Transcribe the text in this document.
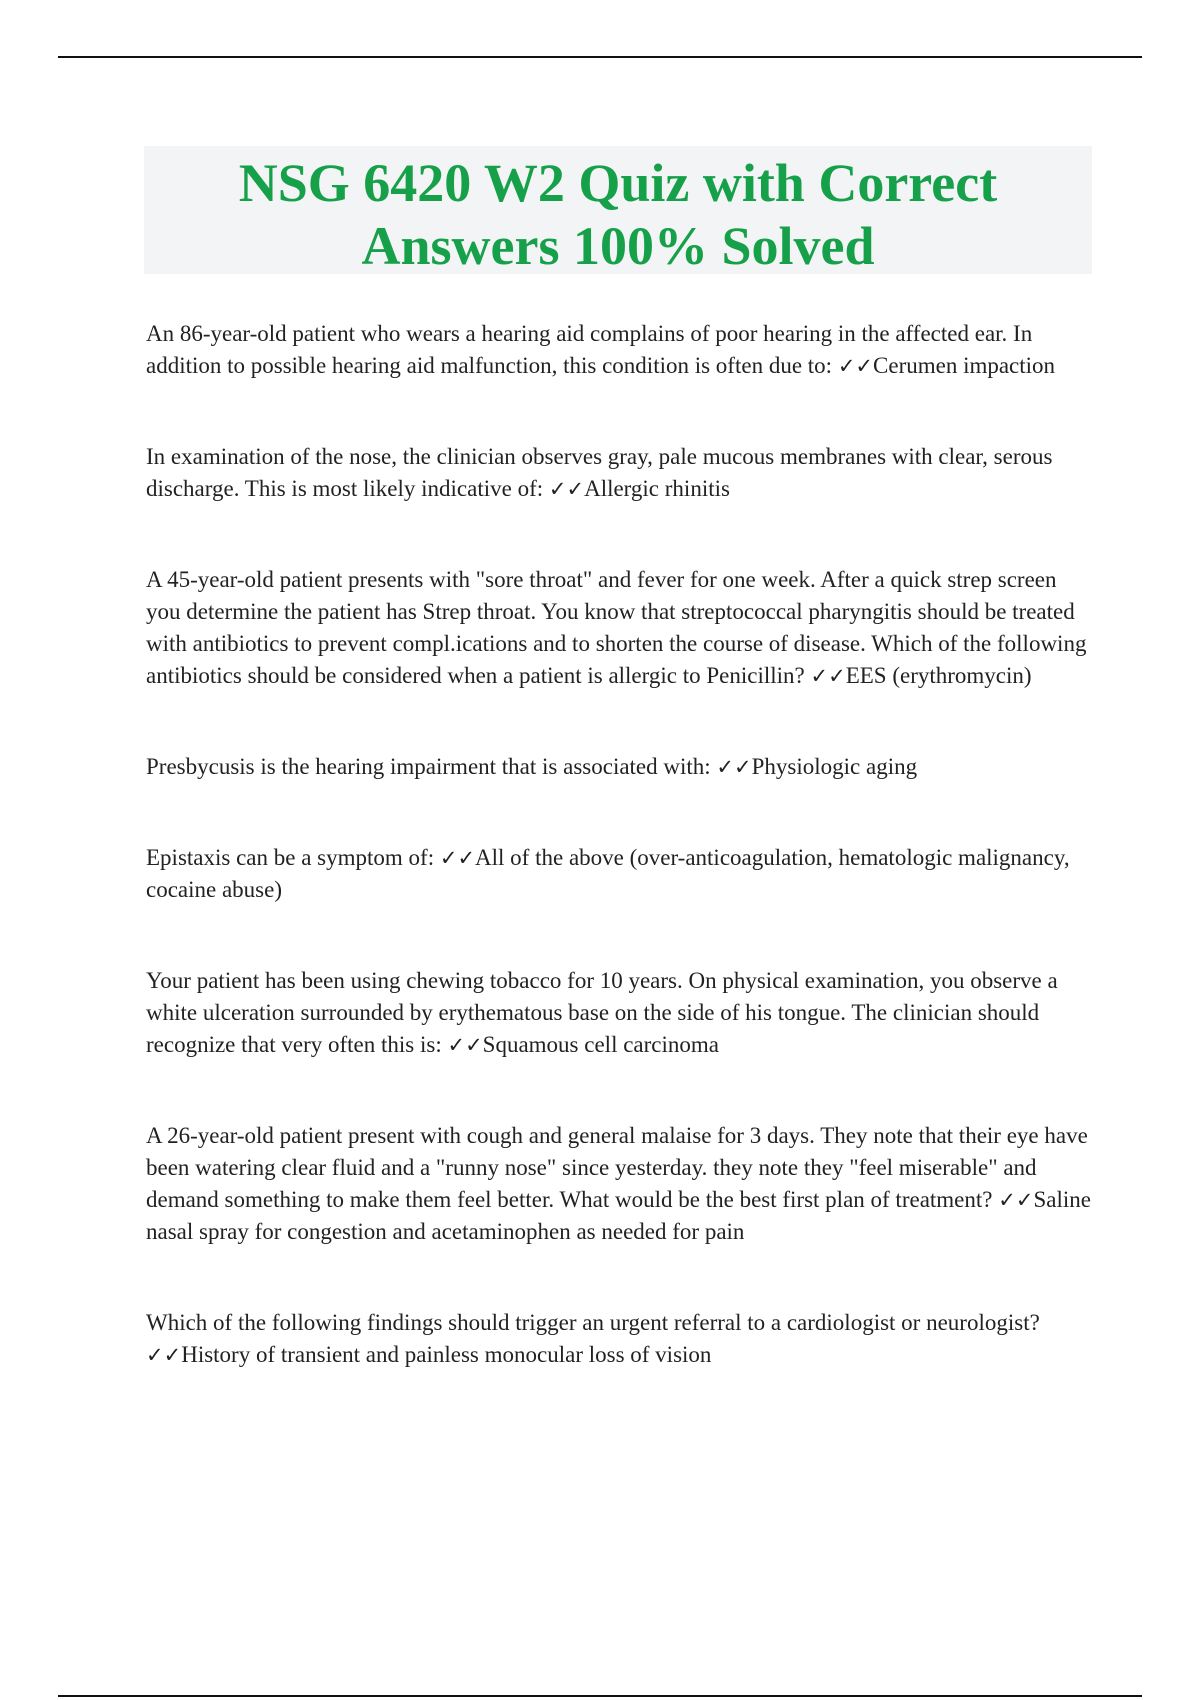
NSG 6420 W2 Quiz with Correct Answers 100% Solved

An 86-year-old patient who wears a hearing aid complains of poor hearing in the affected ear. In addition to possible hearing aid malfunction, this condition is often due to: ✓✓Cerumen impaction

In examination of the nose, the clinician observes gray, pale mucous membranes with clear, serous discharge. This is most likely indicative of: ✓✓Allergic rhinitis

A 45-year-old patient presents with "sore throat" and fever for one week. After a quick strep screen you determine the patient has Strep throat. You know that streptococcal pharyngitis should be treated with antibiotics to prevent compl.ications and to shorten the course of disease. Which of the following antibiotics should be considered when a patient is allergic to Penicillin? ✓✓EES (erythromycin)

Presbycusis is the hearing impairment that is associated with: ✓✓Physiologic aging

Epistaxis can be a symptom of: ✓✓All of the above (over-anticoagulation, hematologic malignancy, cocaine abuse)

Your patient has been using chewing tobacco for 10 years. On physical examination, you observe a white ulceration surrounded by erythematous base on the side of his tongue. The clinician should recognize that very often this is: ✓✓Squamous cell carcinoma

A 26-year-old patient present with cough and general malaise for 3 days. They note that their eye have been watering clear fluid and a "runny nose" since yesterday. they note they "feel miserable" and demand something to make them feel better. What would be the best first plan of treatment? ✓✓Saline nasal spray for congestion and acetaminophen as needed for pain

Which of the following findings should trigger an urgent referral to a cardiologist or neurologist? ✓✓History of transient and painless monocular loss of vision
